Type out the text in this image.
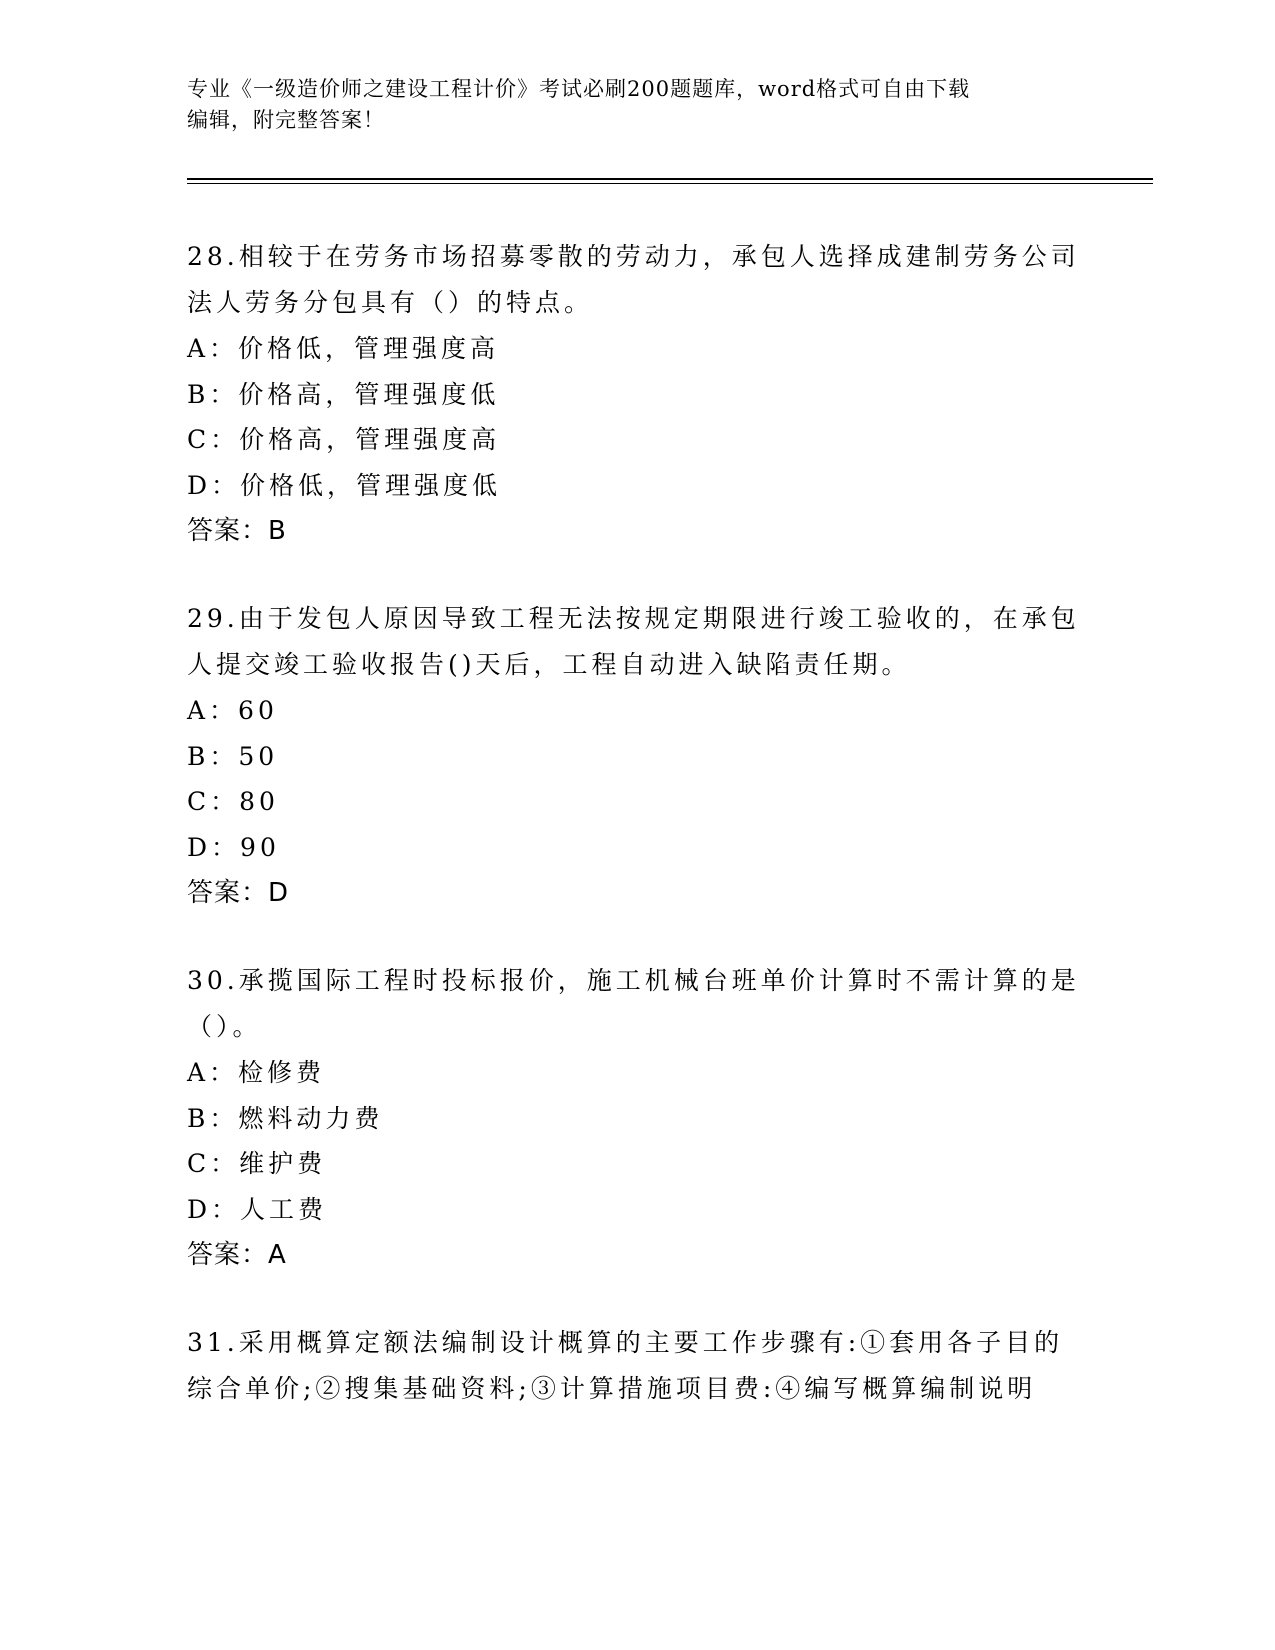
专业《一级造价师之建设工程计价》考试必刷200题题库，word格式可自由下载
编辑，附完整答案！
28.相较于在劳务市场招募零散的劳动力，承包人选择成建制劳务公司
法人劳务分包具有（）的特点。
A：价格低，管理强度高
B：价格高，管理强度低
C：价格高，管理强度高
D：价格低，管理强度低
答案：B
29.由于发包人原因导致工程无法按规定期限进行竣工验收的，在承包
人提交竣工验收报告()天后，工程自动进入缺陷责任期。
A：60
B：50
C：80
D：90
答案：D
30.承揽国际工程时投标报价，施工机械台班单价计算时不需计算的是
（）。
A：检修费
B：燃料动力费
C：维护费
D：人工费
答案：A
31.采用概算定额法编制设计概算的主要工作步骤有:①套用各子目的
综合单价;②搜集基础资料;③计算措施项目费:④编写概算编制说明
